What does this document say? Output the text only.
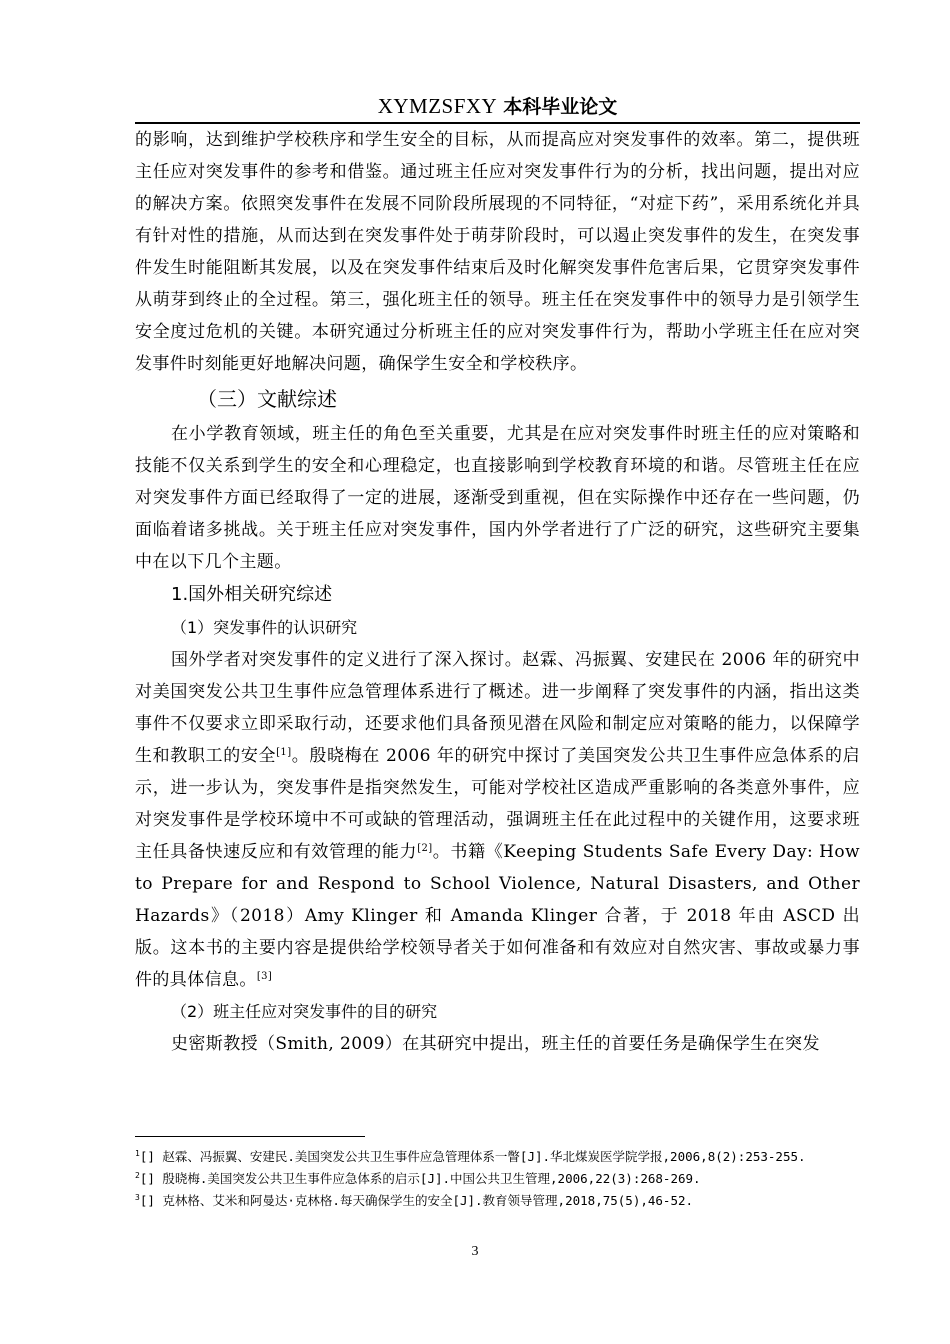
XYMZSFXY 本科毕业论文

的影响，达到维护学校秩序和学生安全的目标，从而提高应对突发事件的效率。第二，提供班主任应对突发事件的参考和借鉴。通过班主任应对突发事件行为的分析，找出问题，提出对应的解决方案。依照突发事件在发展不同阶段所展现的不同特征，“对症下药”，采用系统化并具有针对性的措施，从而达到在突发事件处于萌芽阶段时，可以遏止突发事件的发生，在突发事件发生时能阻断其发展，以及在突发事件结束后及时化解突发事件危害后果，它贯穿突发事件从萌芽到终止的全过程。第三，强化班主任的领导。班主任在突发事件中的领导力是引领学生安全度过危机的关键。本研究通过分析班主任的应对突发事件行为，帮助小学班主任在应对突发事件时刻能更好地解决问题，确保学生安全和学校秩序。

（三）文献综述

在小学教育领域，班主任的角色至关重要，尤其是在应对突发事件时班主任的应对策略和技能不仅关系到学生的安全和心理稳定，也直接影响到学校教育环境的和谐。尽管班主任在应对突发事件方面已经取得了一定的进展，逐渐受到重视，但在实际操作中还存在一些问题，仍面临着诸多挑战。关于班主任应对突发事件，国内外学者进行了广泛的研究，这些研究主要集中在以下几个主题。

1.国外相关研究综述
（1）突发事件的认识研究

国外学者对突发事件的定义进行了深入探讨。赵霖、冯振翼、安建民在 2006 年的研究中对美国突发公共卫生事件应急管理体系进行了概述。进一步阐释了突发事件的内涵，指出这类事件不仅要求立即采取行动，还要求他们具备预见潜在风险和制定应对策略的能力，以保障学生和教职工的安全[1]。殷晓梅在 2006 年的研究中探讨了美国突发公共卫生事件应急体系的启示，进一步认为，突发事件是指突然发生，可能对学校社区造成严重影响的各类意外事件，应对突发事件是学校环境中不可或缺的管理活动，强调班主任在此过程中的关键作用，这要求班主任具备快速反应和有效管理的能力[2]。书籍《Keeping Students Safe Every Day: How to Prepare for and Respond to School Violence, Natural Disasters, and Other Hazards》（2018）Amy Klinger 和 Amanda Klinger 合著，于 2018 年由 ASCD 出版。这本书的主要内容是提供给学校领导者关于如何准备和有效应对自然灾害、事故或暴力事件的具体信息。[3]

（2）班主任应对突发事件的目的研究

史密斯教授（Smith, 2009）在其研究中提出，班主任的首要任务是确保学生在突发

$^1$[] 赵霖、冯振翼、安建民.美国突发公共卫生事件应急管理体系一瞥[J].华北煤炭医学院学报,2006,8(2):253-255.

$^2$[] 殷晓梅.美国突发公共卫生事件应急体系的启示[J].中国公共卫生管理,2006,22(3):268-269.

$^3$[] 克林格、艾米和阿曼达·克林格.每天确保学生的安全[J].教育领导管理,2018,75(5),46-52.

3
